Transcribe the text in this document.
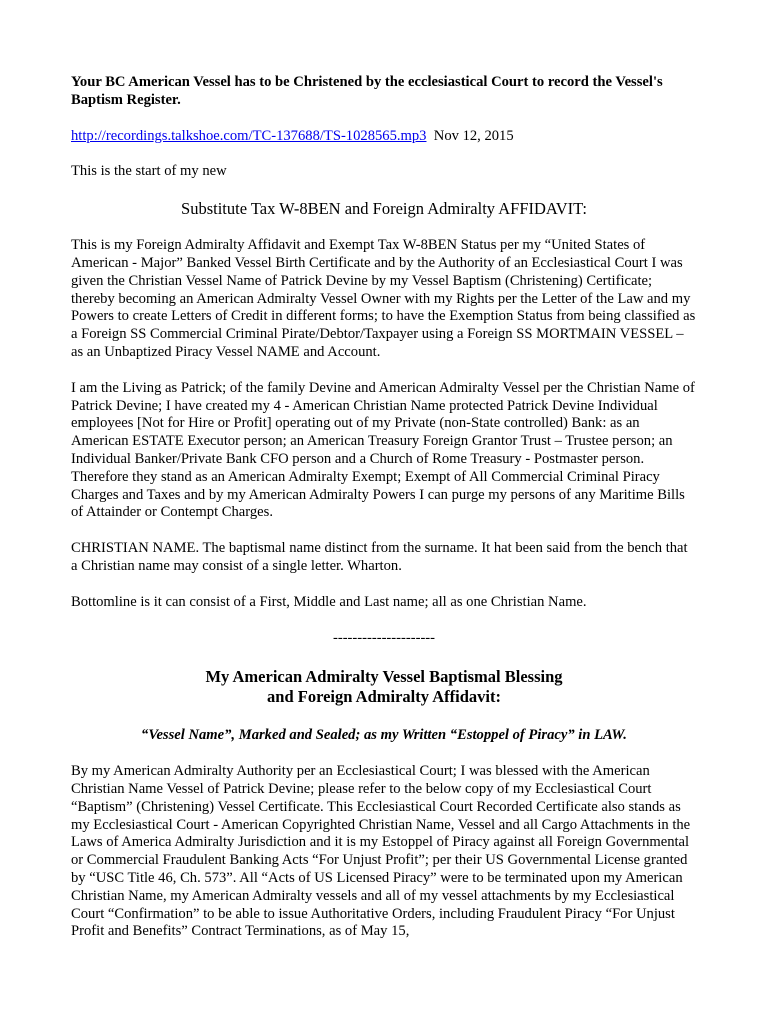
Your BC American Vessel has to be Christened by the ecclesiastical Court to record the Vessel's Baptism Register.

http://recordings.talkshoe.com/TC-137688/TS-1028565.mp3 Nov 12, 2015

This is the start of my new

Substitute Tax W-8BEN and Foreign Admiralty AFFIDAVIT:

This is my Foreign Admiralty Affidavit and Exempt Tax W-8BEN Status per my “United States of American - Major” Banked Vessel Birth Certificate and by the Authority of an Ecclesiastical Court I was given the Christian Vessel Name of Patrick Devine by my Vessel Baptism (Christening) Certificate; thereby becoming an American Admiralty Vessel Owner with my Rights per the Letter of the Law and my Powers to create Letters of Credit in different forms; to have the Exemption Status from being classified as a Foreign SS Commercial Criminal Pirate/Debtor/Taxpayer using a Foreign SS MORTMAIN VESSEL – as an Unbaptized Piracy Vessel NAME and Account.

I am the Living as Patrick; of the family Devine and American Admiralty Vessel per the Christian Name of Patrick Devine; I have created my 4 - American Christian Name protected Patrick Devine Individual employees [Not for Hire or Profit] operating out of my Private (non-State controlled) Bank: as an American ESTATE Executor person; an American Treasury Foreign Grantor Trust – Trustee person; an Individual Banker/Private Bank CFO person and a Church of Rome Treasury - Postmaster person. Therefore they stand as an American Admiralty Exempt; Exempt of All Commercial Criminal Piracy Charges and Taxes and by my American Admiralty Powers I can purge my persons of any Maritime Bills of Attainder or Contempt Charges.

CHRISTIAN NAME. The baptismal name distinct from the surname. It hat been said from the bench that a Christian name may consist of a single letter. Wharton.

Bottomline is it can consist of a First, Middle and Last name; all as one Christian Name.

---------------------

My American Admiralty Vessel Baptismal Blessing

and Foreign Admiralty Affidavit:

“Vessel Name”, Marked and Sealed; as my Written “Estoppel of Piracy” in LAW.

By my American Admiralty Authority per an Ecclesiastical Court; I was blessed with the American Christian Name Vessel of Patrick Devine; please refer to the below copy of my Ecclesiastical Court “Baptism” (Christening) Vessel Certificate. This Ecclesiastical Court Recorded Certificate also stands as my Ecclesiastical Court - American Copyrighted Christian Name, Vessel and all Cargo Attachments in the Laws of America Admiralty Jurisdiction and it is my Estoppel of Piracy against all Foreign Governmental or Commercial Fraudulent Banking Acts “For Unjust Profit”; per their US Governmental License granted by “USC Title 46, Ch. 573”. All “Acts of US Licensed Piracy” were to be terminated upon my American Christian Name, my American Admiralty vessels and all of my vessel attachments by my Ecclesiastical Court “Confirmation” to be able to issue Authoritative Orders, including Fraudulent Piracy “For Unjust Profit and Benefits” Contract Terminations, as of May 15,
